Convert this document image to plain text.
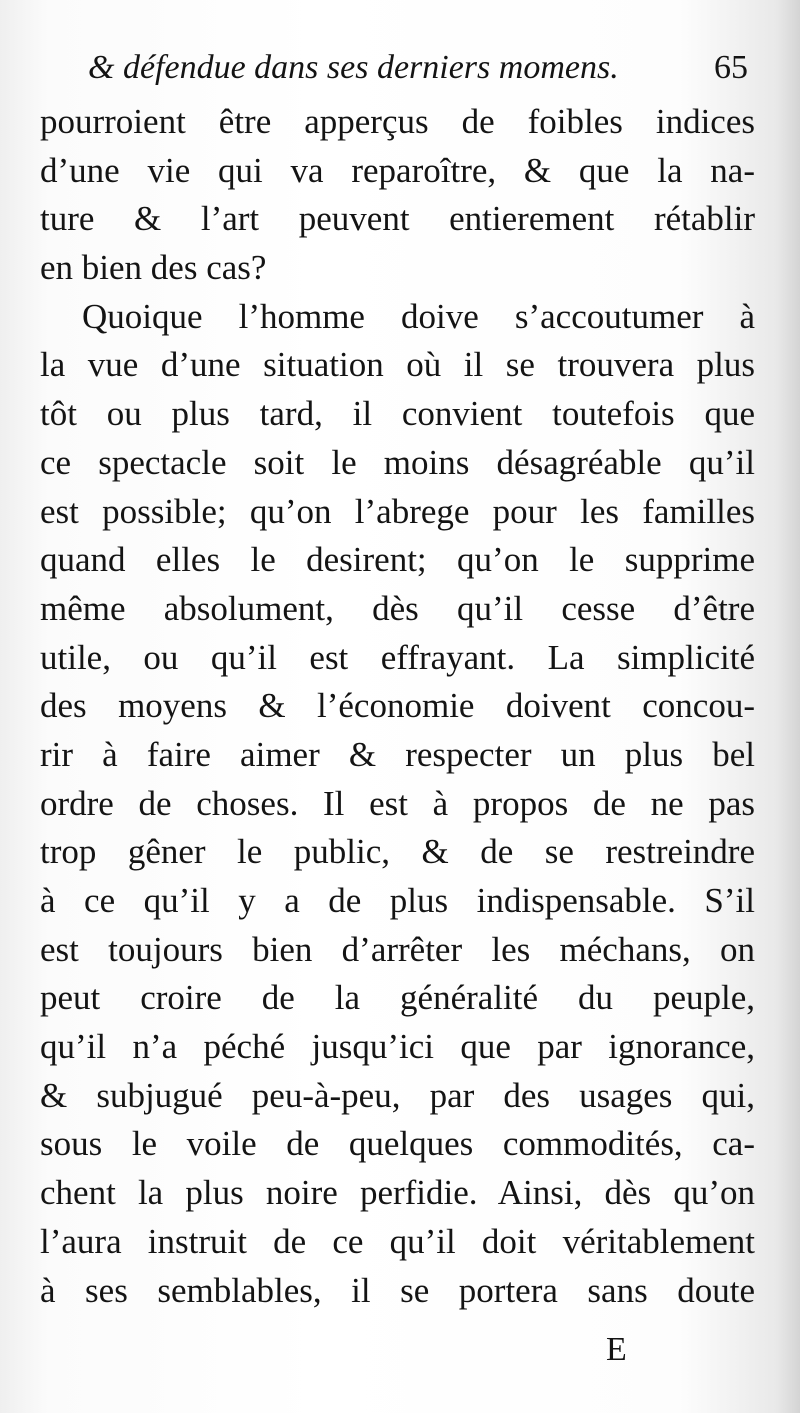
& défendue dans ses derniers momens.	65
pourroient être apperçus de foibles indices
d’une vie qui va reparoître, & que la na-
ture & l’art peuvent entierement rétablir
en bien des cas?
Quoique l’homme doive s’accoutumer à
la vue d’une situation où il se trouvera plus
tôt ou plus tard, il convient toutefois que
ce spectacle soit le moins désagréable qu’il
est possible; qu’on l’abrege pour les familles
quand elles le desirent; qu’on le supprime
même absolument, dès qu’il cesse d’être
utile, ou qu’il est effrayant. La simplicité
des moyens & l’économie doivent concou-
rir à faire aimer & respecter un plus bel
ordre de choses. Il est à propos de ne pas
trop gêner le public, & de se restreindre
à ce qu’il y a de plus indispensable. S’il
est toujours bien d’arrêter les méchans, on
peut croire de la généralité du peuple,
qu’il n’a péché jusqu’ici que par ignorance,
& subjugué peu-à-peu, par des usages qui,
sous le voile de quelques commodités, ca-
chent la plus noire perfidie. Ainsi, dès qu’on
l’aura instruit de ce qu’il doit véritablement
à ses semblables, il se portera sans doute
E
